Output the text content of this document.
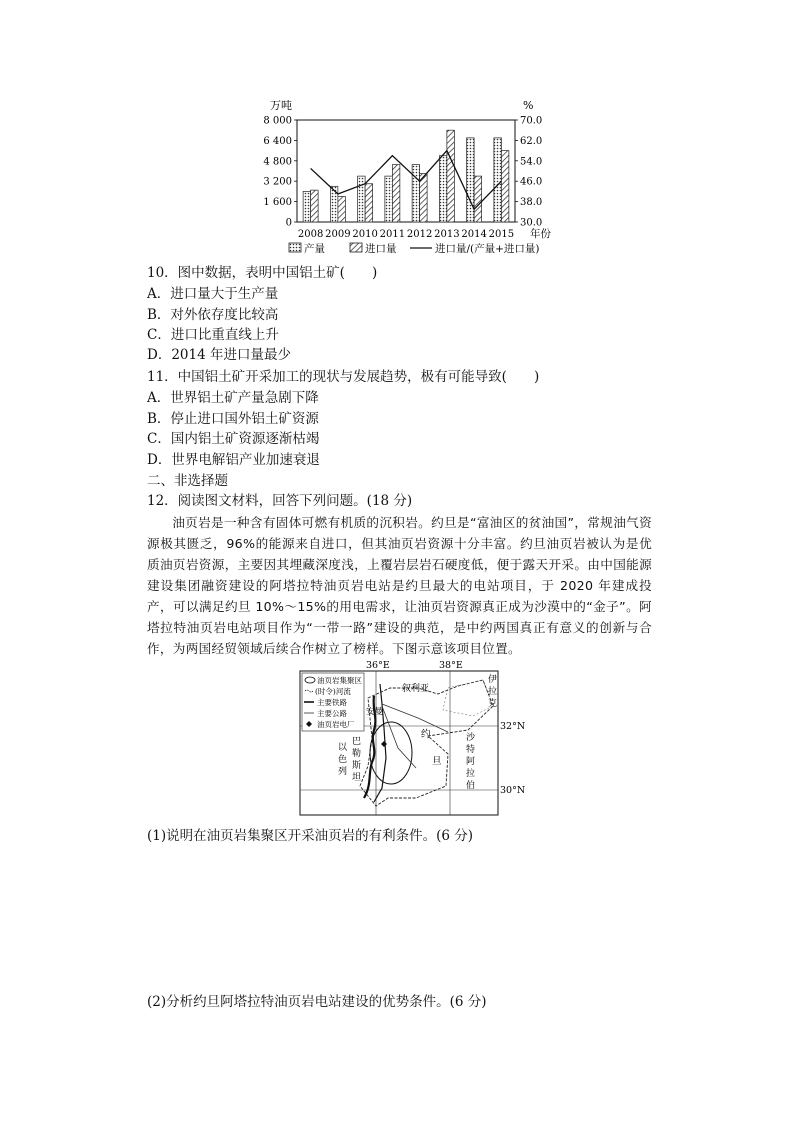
万吨	%
8 000
6 400
4 800
3 200
1 600
0
70.0
62.0
54.0
46.0
38.0
30.0
2008 2009 2010 2011 2012 2013 2014 2015 年份
产量	进口量	进口量/(产量+进口量)
10．图中数据，表明中国铝土矿(　　)
A．进口量大于生产量
B．对外依存度比较高
C．进口比重直线上升
D．2014 年进口量最少
11．中国铝土矿开采加工的现状与发展趋势，极有可能导致(　　)
A．世界铝土矿产量急剧下降
B．停止进口国外铝土矿资源
C．国内铝土矿资源逐渐枯竭
D．世界电解铝产业加速衰退
二、非选择题
12．阅读图文材料，回答下列问题。(18 分)
油页岩是一种含有固体可燃有机质的沉积岩。约旦是“富油区的贫油国”，常规油气资源极其匮乏，96%的能源来自进口，但其油页岩资源十分丰富。约旦油页岩被认为是优质油页岩资源，主要因其埋藏深度浅，上覆岩层岩石硬度低，便于露天开采。由中国能源建设集团融资建设的阿塔拉特油页岩电站是约旦最大的电站项目，于 2020 年建成投产，可以满足约旦 10%～15%的用电需求，让油页岩资源真正成为沙漠中的“金子”。阿塔拉特油页岩电站项目作为“一带一路”建设的典范，是中约两国真正有意义的创新与合作，为两国经贸领域后续合作树立了榜样。下图示意该项目位置。
36°E	38°E
32°N
30°N
叙利亚
安曼
伊
拉
克
约
旦
巴
勒
斯
坦
以
色
列
沙
特
阿
拉
伯
油页岩集聚区
(时令)河流
主要铁路
主要公路
油页岩电厂
(1)说明在油页岩集聚区开采油页岩的有利条件。(6 分)
(2)分析约旦阿塔拉特油页岩电站建设的优势条件。(6 分)
